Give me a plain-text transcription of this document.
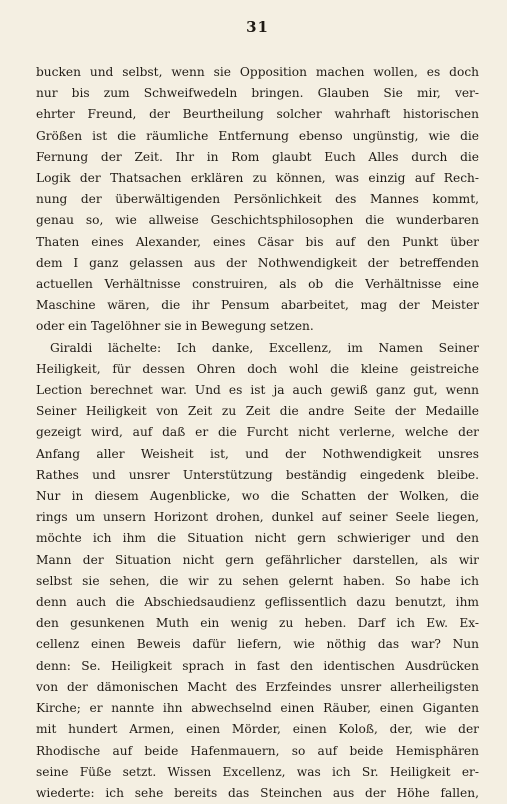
31
bucken und selbst, wenn sie Opposition machen wollen, es doch
nur bis zum Schweifwedeln bringen. Glauben Sie mir, ver-
ehrter Freund, der Beurtheilung solcher wahrhaft historischen
Größen ist die räumliche Entfernung ebenso ungünstig, wie die
Fernung der Zeit. Ihr in Rom glaubt Euch Alles durch die
Logik der Thatsachen erklären zu können, was einzig auf Rech-
nung der überwältigenden Persönlichkeit des Mannes kommt,
genau so, wie allweise Geschichtsphilosophen die wunderbaren
Thaten eines Alexander, eines Cäsar bis auf den Punkt über
dem I ganz gelassen aus der Nothwendigkeit der betreffenden
actuellen Verhältnisse construiren, als ob die Verhältnisse eine
Maschine wären, die ihr Pensum abarbeitet, mag der Meister
oder ein Tagelöhner sie in Bewegung setzen.
Giraldi lächelte: Ich danke, Excellenz, im Namen Seiner
Heiligkeit, für dessen Ohren doch wohl die kleine geistreiche
Lection berechnet war. Und es ist ja auch gewiß ganz gut, wenn
Seiner Heiligkeit von Zeit zu Zeit die andre Seite der Medaille
gezeigt wird, auf daß er die Furcht nicht verlerne, welche der
Anfang aller Weisheit ist, und der Nothwendigkeit unsres
Rathes und unsrer Unterstützung beständig eingedenk bleibe.
Nur in diesem Augenblicke, wo die Schatten der Wolken, die
rings um unsern Horizont drohen, dunkel auf seiner Seele liegen,
möchte ich ihm die Situation nicht gern schwieriger und den
Mann der Situation nicht gern gefährlicher darstellen, als wir
selbst sie sehen, die wir zu sehen gelernt haben. So habe ich
denn auch die Abschiedsaudienz geflissentlich dazu benutzt, ihm
den gesunkenen Muth ein wenig zu heben. Darf ich Ew. Ex-
cellenz einen Beweis dafür liefern, wie nöthig das war? Nun
denn: Se. Heiligkeit sprach in fast den identischen Ausdrücken
von der dämonischen Macht des Erzfeindes unsrer allerheiligsten
Kirche; er nannte ihn abwechselnd einen Räuber, einen Giganten
mit hundert Armen, einen Mörder, einen Koloß, der, wie der
Rhodische auf beide Hafenmauern, so auf beide Hemisphären
seine Füße setzt. Wissen Excellenz, was ich Sr. Heiligkeit er-
wiederte: ich sehe bereits das Steinchen aus der Höhe fallen,
